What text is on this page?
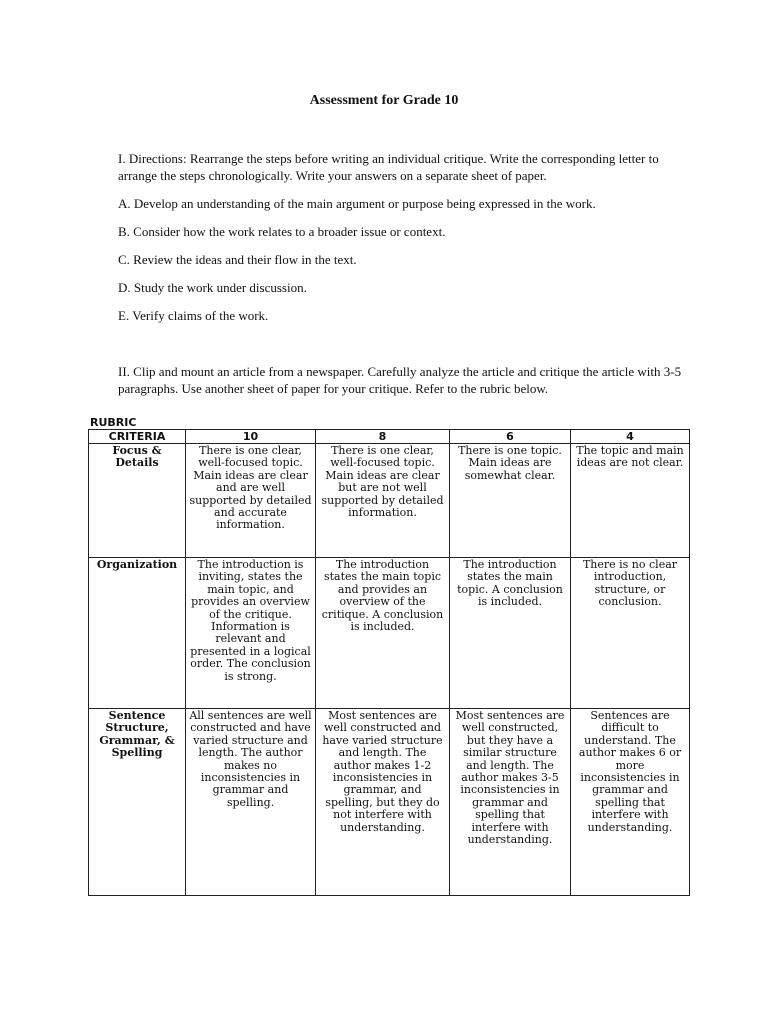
Assessment for Grade 10
I. Directions: Rearrange the steps before writing an individual critique. Write the corresponding letter to arrange the steps chronologically. Write your answers on a separate sheet of paper.
A. Develop an understanding of the main argument or purpose being expressed in the work.
B. Consider how the work relates to a broader issue or context.
C. Review the ideas and their flow in the text.
D. Study the work under discussion.
E. Verify claims of the work.
II. Clip and mount an article from a newspaper. Carefully analyze the article and critique the article with 3-5 paragraphs. Use another sheet of paper for your critique. Refer to the rubric below.
RUBRIC
CRITERIA	10	8	6	4
Focus & Details	There is one clear, well-focused topic. Main ideas are clear and are well supported by detailed and accurate information.	There is one clear, well-focused topic. Main ideas are clear but are not well supported by detailed information.	There is one topic. Main ideas are somewhat clear.	The topic and main ideas are not clear.
Organization	The introduction is inviting, states the main topic, and provides an overview of the critique. Information is relevant and presented in a logical order. The conclusion is strong.	The introduction states the main topic and provides an overview of the critique. A conclusion is included.	The introduction states the main topic. A conclusion is included.	There is no clear introduction, structure, or conclusion.
Sentence Structure, Grammar, & Spelling	All sentences are well constructed and have varied structure and length. The author makes no inconsistencies in grammar and spelling.	Most sentences are well constructed and have varied structure and length. The author makes 1-2 inconsistencies in grammar, and spelling, but they do not interfere with understanding.	Most sentences are well constructed, but they have a similar structure and length. The author makes 3-5 inconsistencies in grammar and spelling that interfere with understanding.	Sentences are difficult to understand. The author makes 6 or more inconsistencies in grammar and spelling that interfere with understanding.
